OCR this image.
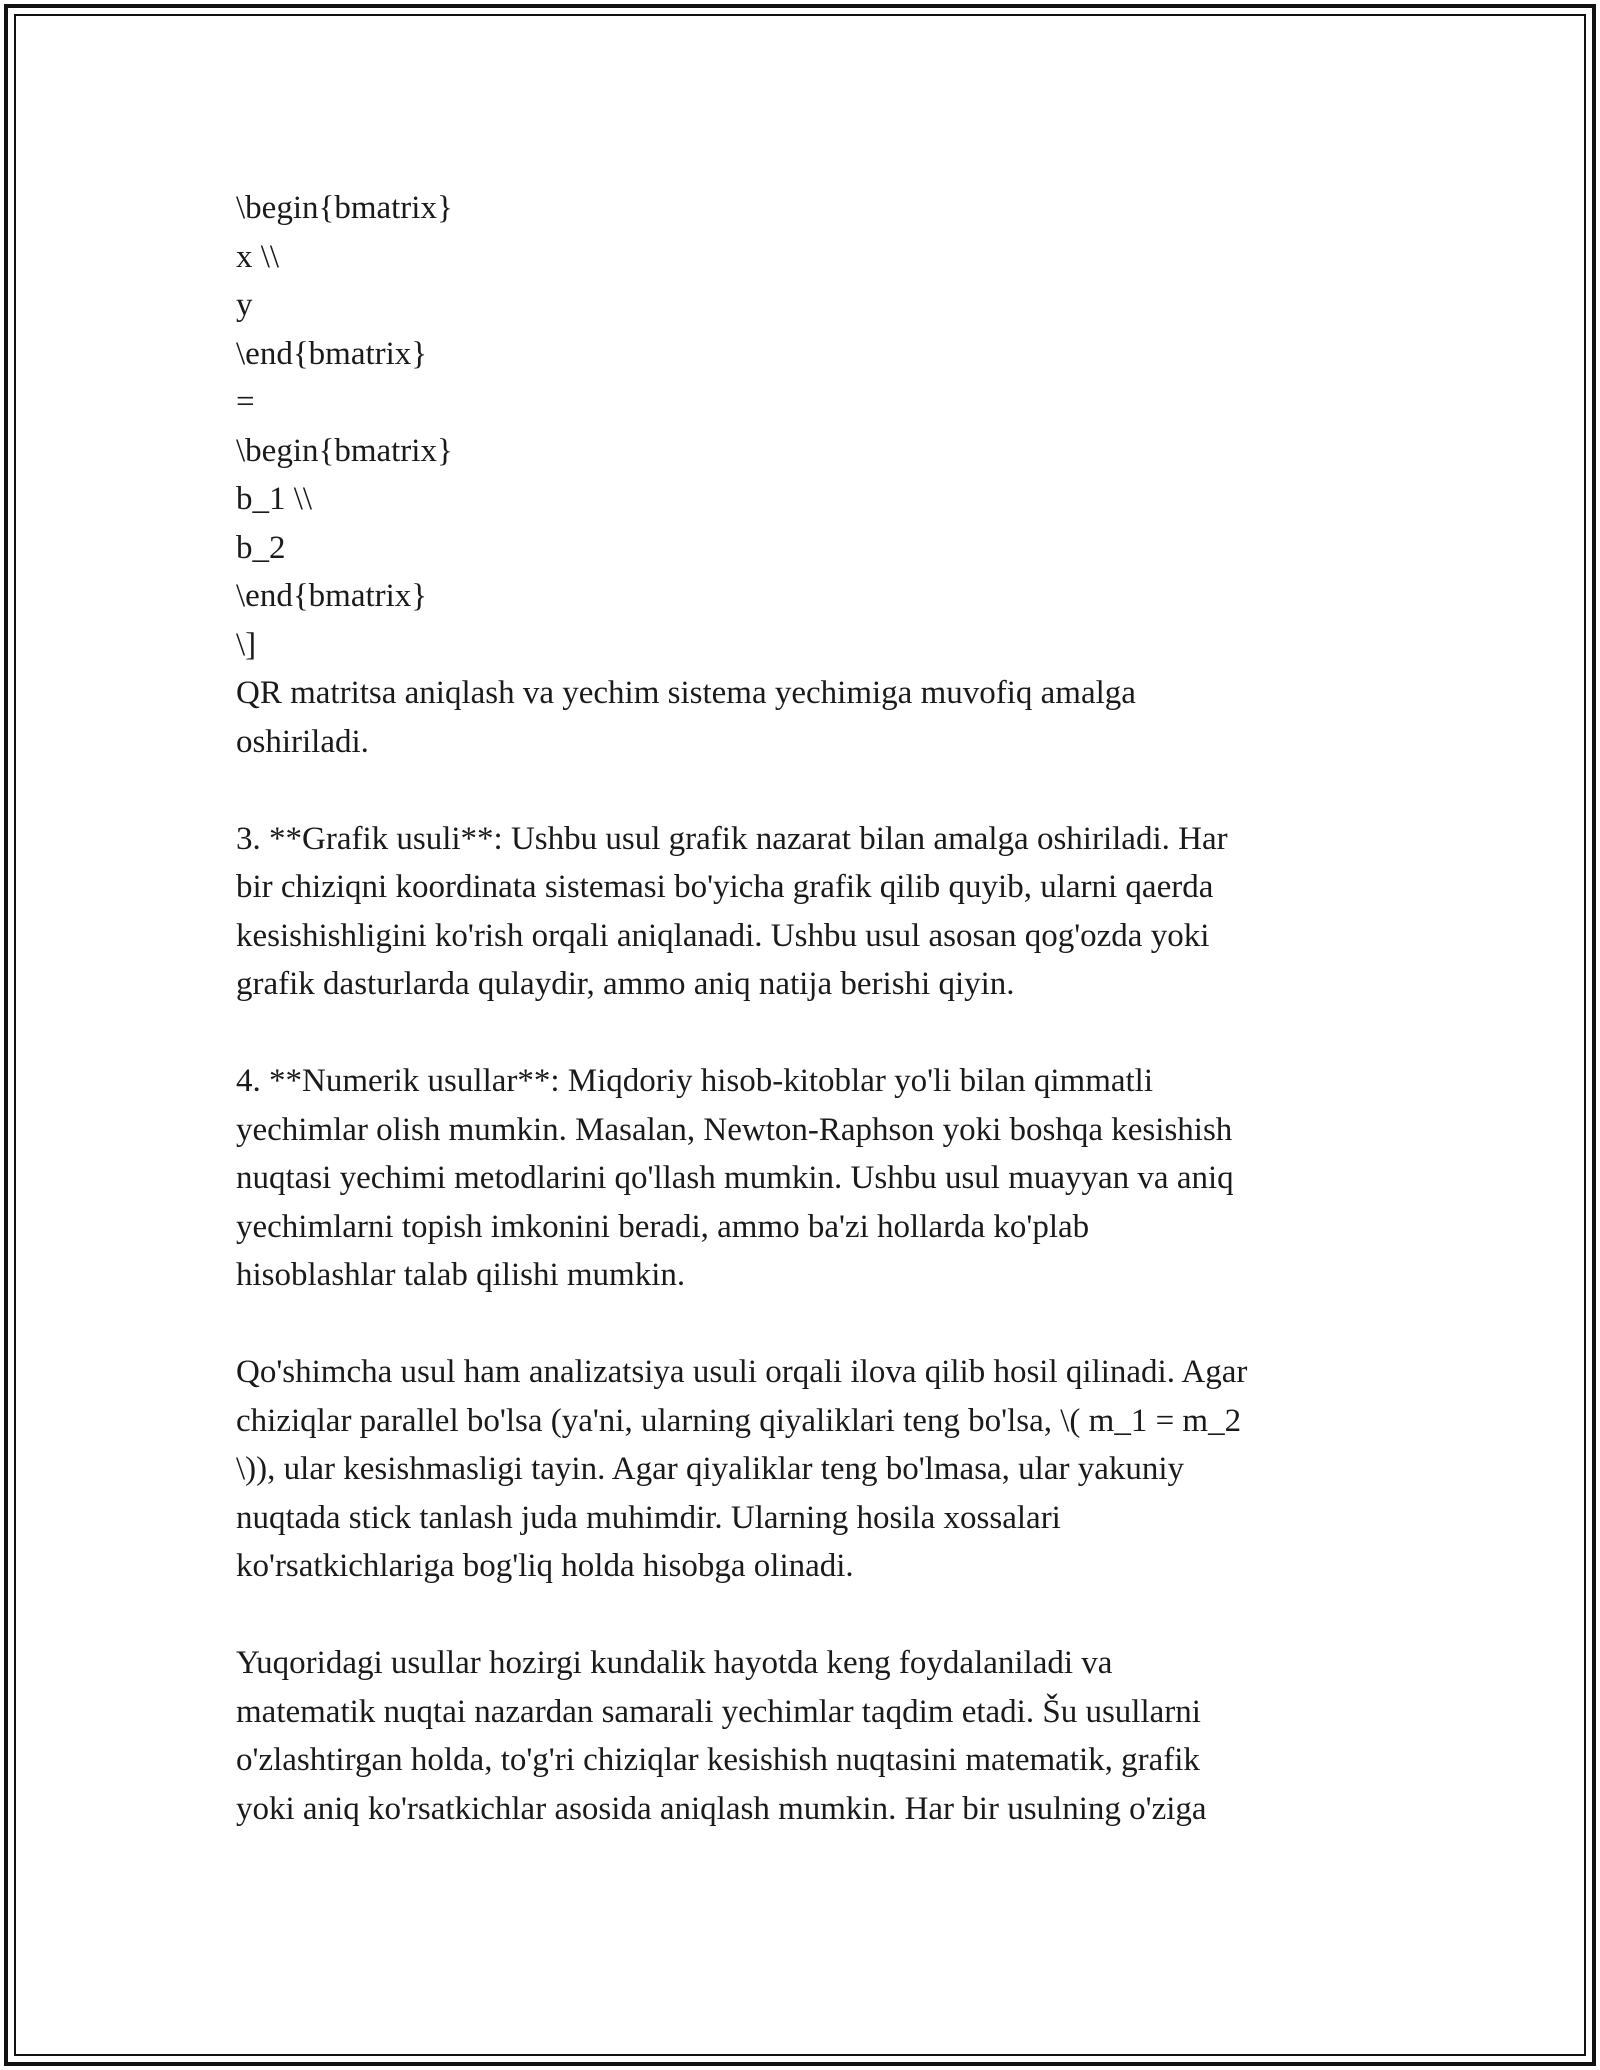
\begin{bmatrix}
x \\
y
\end{bmatrix}
=
\begin{bmatrix}
b_1 \\
b_2
\end{bmatrix}
\]
QR matritsa aniqlash va yechim sistema yechimiga muvofiq amalga
oshiriladi.
3. **Grafik usuli**: Ushbu usul grafik nazarat bilan amalga oshiriladi. Har
bir chiziqni koordinata sistemasi bo'yicha grafik qilib quyib, ularni qaerda
kesishishligini ko'rish orqali aniqlanadi. Ushbu usul asosan qog'ozda yoki
grafik dasturlarda qulaydir, ammo aniq natija berishi qiyin.
4. **Numerik usullar**: Miqdoriy hisob-kitoblar yo'li bilan qimmatli
yechimlar olish mumkin. Masalan, Newton-Raphson yoki boshqa kesishish
nuqtasi yechimi metodlarini qo'llash mumkin. Ushbu usul muayyan va aniq
yechimlarni topish imkonini beradi, ammo ba'zi hollarda ko'plab
hisoblashlar talab qilishi mumkin.
Qo'shimcha usul ham analizatsiya usuli orqali ilova qilib hosil qilinadi. Agar
chiziqlar parallel bo'lsa (ya'ni, ularning qiyaliklari teng bo'lsa, \( m_1 = m_2
\)), ular kesishmasligi tayin. Agar qiyaliklar teng bo'lmasa, ular yakuniy
nuqtada stick tanlash juda muhimdir. Ularning hosila xossalari
ko'rsatkichlariga bog'liq holda hisobga olinadi.
Yuqoridagi usullar hozirgi kundalik hayotda keng foydalaniladi va
matematik nuqtai nazardan samarali yechimlar taqdim etadi. Šu usullarni
o'zlashtirgan holda, to'g'ri chiziqlar kesishish nuqtasini matematik, grafik
yoki aniq ko'rsatkichlar asosida aniqlash mumkin. Har bir usulning o'ziga
